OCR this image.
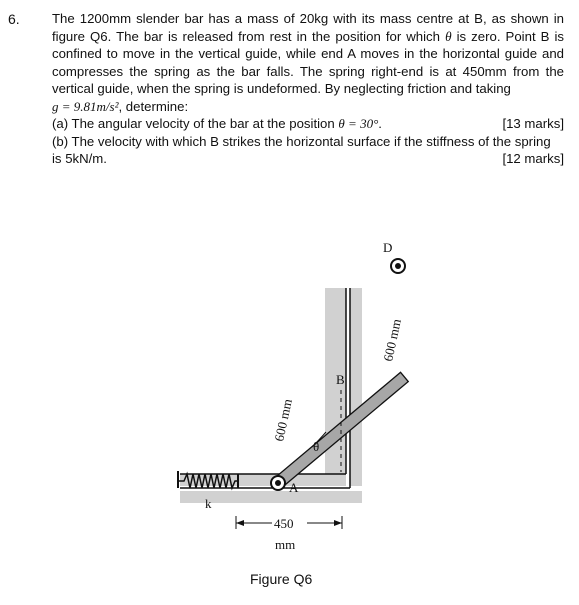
6. The 1200mm slender bar has a mass of 20kg with its mass centre at B, as shown in figure Q6. The bar is released from rest in the position for which θ is zero. Point B is confined to move in the vertical guide, while end A moves in the horizontal guide and compresses the spring as the bar falls. The spring right-end is at 450mm from the vertical guide, when the spring is undeformed. By neglecting friction and taking

g = 9.81m/s², determine:

(a) The angular velocity of the bar at the position θ = 30°.	[13 marks]

(b) The velocity with which B strikes the horizontal surface if the stiffness of the spring

is 5kN/m.	[12 marks]

D
B
A
k
θ
600 mm
600 mm
450
mm
Figure Q6
